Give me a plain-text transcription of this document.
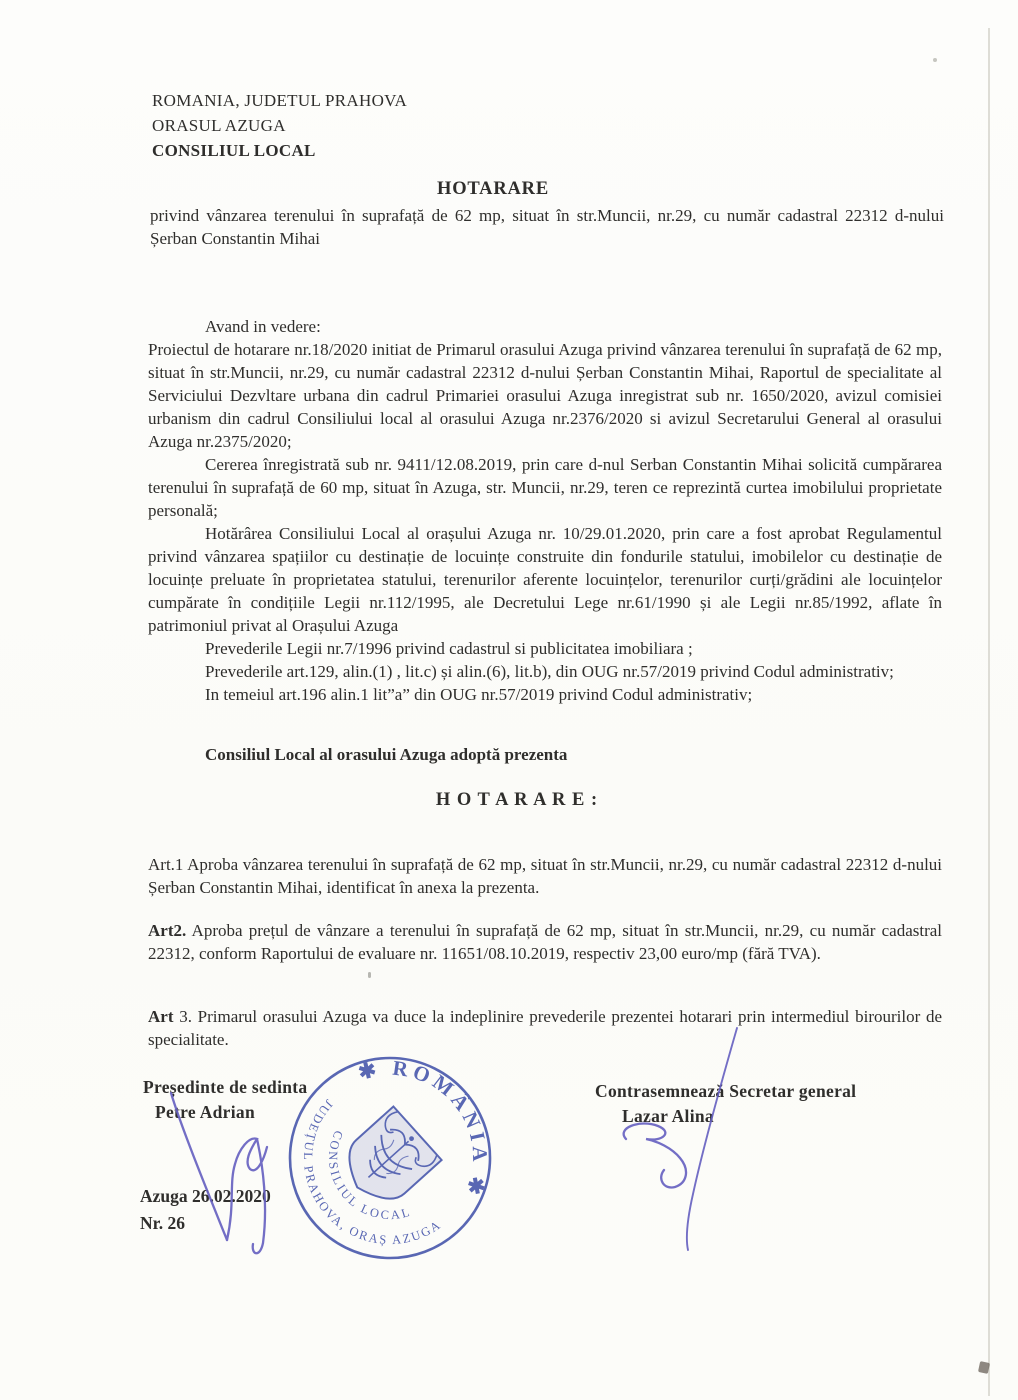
ROMANIA, JUDETUL PRAHOVA
ORASUL AZUGA
CONSILIUL LOCAL
HOTARARE
privind vânzarea terenului în suprafață de 62 mp, situat în str.Muncii, nr.29, cu număr cadastral 22312 d-nului Șerban Constantin Mihai

Avand in vedere:

Proiectul de hotarare nr.18/2020 initiat de Primarul orasului Azuga privind vânzarea terenului în suprafață de 62 mp, situat în str.Muncii, nr.29, cu număr cadastral 22312 d-nului Șerban Constantin Mihai, Raportul de specialitate al Serviciului Dezvltare urbana din cadrul Primariei orasului Azuga inregistrat sub nr. 1650/2020, avizul comisiei urbanism din cadrul Consiliului local al orasului Azuga nr.2376/2020 si avizul Secretarului General al orasului Azuga nr.2375/2020;

Cererea înregistrată sub nr. 9411/12.08.2019, prin care d-nul Serban Constantin Mihai solicită cumpărarea terenului în suprafață de 60 mp, situat în Azuga, str. Muncii, nr.29, teren ce reprezintă curtea imobilului proprietate personală;

Hotărârea Consiliului Local al orașului Azuga nr. 10/29.01.2020, prin care a fost aprobat Regulamentul privind vânzarea spațiilor cu destinație de locuințe construite din fondurile statului, imobilelor cu destinație de locuințe preluate în proprietatea statului, terenurilor aferente locuințelor, terenurilor curți/grădini ale locuințelor cumpărate în condițiile Legii nr.112/1995, ale Decretului Lege nr.61/1990 și ale Legii nr.85/1992, aflate în patrimoniul privat al Orașului Azuga

Prevederile Legii nr.7/1996 privind cadastrul si publicitatea imobiliara ;

Prevederile art.129, alin.(1) , lit.c) și alin.(6), lit.b), din OUG nr.57/2019 privind Codul administrativ;

In temeiul art.196 alin.1 lit”a” din OUG nr.57/2019 privind Codul administrativ;

Consiliul Local al orasului Azuga adoptă prezenta
H O T A R A R E :

Art.1 Aproba vânzarea terenului în suprafață de 62 mp, situat în str.Muncii, nr.29, cu număr cadastral 22312 d-nului Șerban Constantin Mihai, identificat în anexa la prezenta.

Art2. Aproba prețul de vânzare a terenului în suprafață de 62 mp, situat în str.Muncii, nr.29, cu număr cadastral 22312, conform Raportului de evaluare nr. 11651/08.10.2019, respectiv 23,00 euro/mp (fără TVA).

Art 3. Primarul orasului Azuga va duce la indeplinire prevederile prezentei hotarari prin intermediul birourilor de specialitate.

Președinte de sedinta
Petre Adrian
Contrasemnează Secretar general
Lazar Alina
Azuga 26.02.2020
Nr. 26
✱ ROMÂNIA ✱
JUDEȚUL PRAHOVA, ORAȘ AZUGA
CONSILIUL LOCAL
